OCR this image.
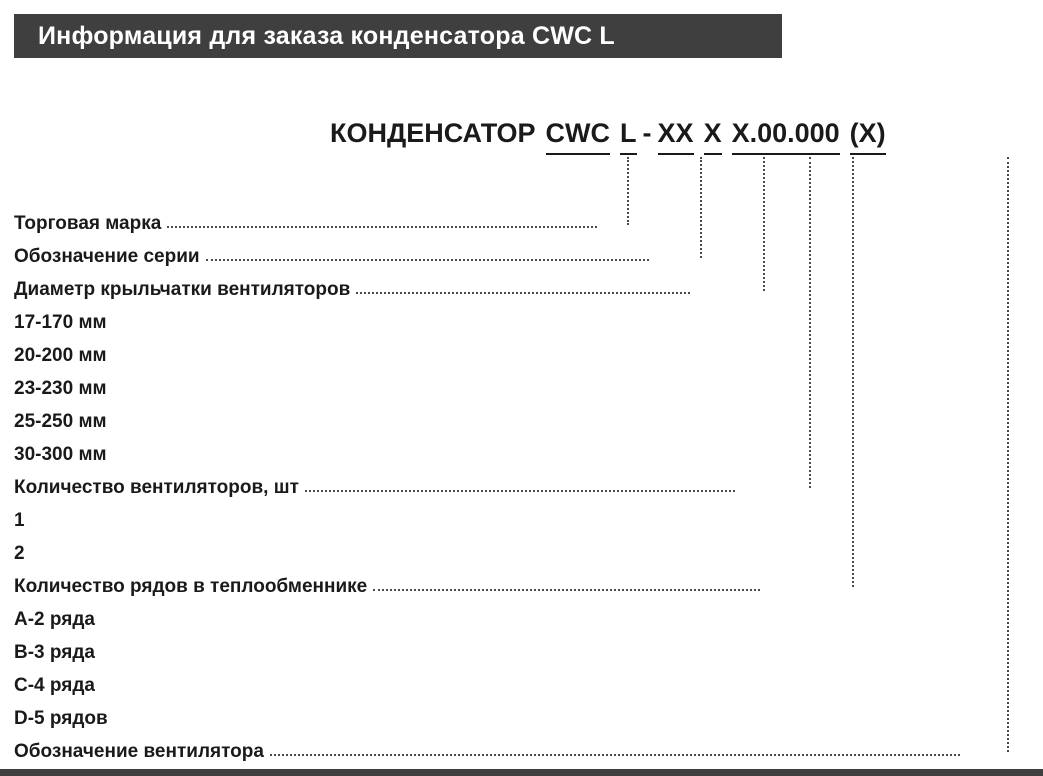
Информация для заказа конденсатора CWC L
КОНДЕНСАТОР CWC L - XX X X.00.000 (X)
Торговая марка
Обозначение серии
Диаметр крыльчатки вентиляторов
17-170 мм
20-200 мм
23-230 мм
25-250 мм
30-300 мм
Количество вентиляторов, шт
1
2
Количество рядов в теплообменнике
A-2 ряда
B-3 ряда
C-4 ряда
D-5 рядов
Обозначение вентилятора
